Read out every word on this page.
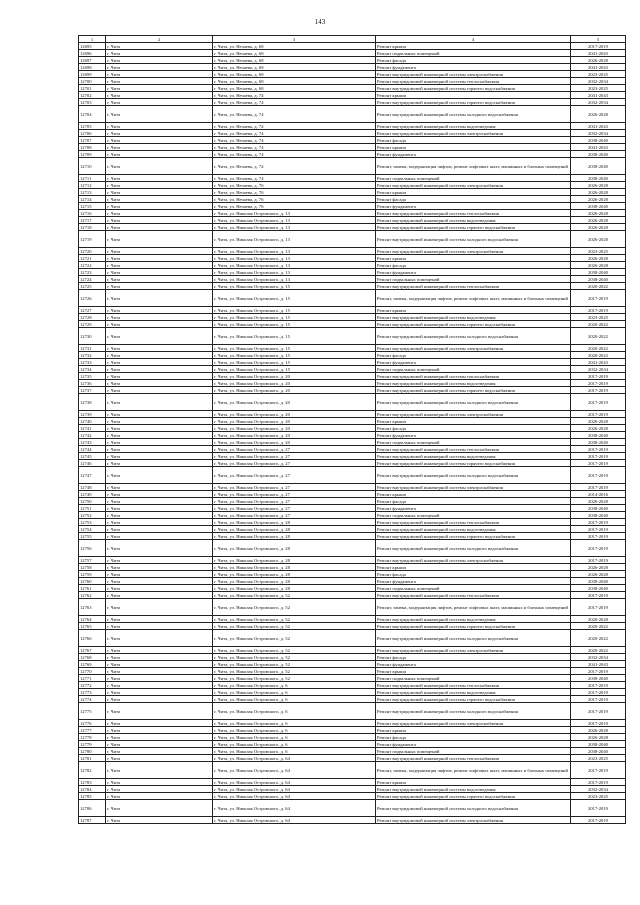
143
1	2	3	4	5
12695	г. Чита	г. Чита, ул. Нечаева, д. 68	Ремонт крыши	2017-2019
12696	г. Чита	г. Чита, ул. Нечаева, д. 68	Ремонт подвальных помещений	2041-2043
12697	г. Чита	г. Чита, ул. Нечаева, д. 68	Ремонт фасада	2026-2028
12698	г. Чита	г. Чита, ул. Нечаева, д. 68	Ремонт фундамента	2041-2043
12699	г. Чита	г. Чита, ул. Нечаева, д. 68	Ремонт внутридомовой инженерной системы электроснабжения	2023-2025
12700	г. Чита	г. Чита, ул. Нечаева, д. 68	Ремонт внутридомовой инженерной системы теплоснабжения	2032-2034
12701	г. Чита	г. Чита, ул. Нечаева, д. 68	Ремонт внутридомовой инженерной системы горячего водоснабжения	2023-2025
12702	г. Чита	г. Чита, ул. Нечаева, д. 74	Ремонт крыши	2041-2043
12703	г. Чита	г. Чита, ул. Нечаева, д. 74	Ремонт внутридомовой инженерной системы горячего водоснабжения	2032-2034
12704	г. Чита	г. Чита, ул. Нечаева, д. 74	Ремонт внутридомовой инженерной системы холодного водоснабжения	2026-2028
12705	г. Чита	г. Чита, ул. Нечаева, д. 74	Ремонт внутридомовой инженерной системы водоотведения	2041-2043
12706	г. Чита	г. Чита, ул. Нечаева, д. 74	Ремонт внутридомовой инженерной системы электроснабжения	2032-2034
12707	г. Чита	г. Чита, ул. Нечаева, д. 74	Ремонт фасада	2038-2040
12708	г. Чита	г. Чита, ул. Нечаева, д. 74	Ремонт крыши	2041-2043
12709	г. Чита	г. Чита, ул. Нечаева, д. 74	Ремонт фундамента	2038-2040
12710	г. Чита	г. Чита, ул. Нечаева, д. 74	Ремонт, замена, модернизация лифтов, ремонт лифтовых шахт, машинных и блочных помещений	2038-2040
12711	г. Чита	г. Чита, ул. Нечаева, д. 74	Ремонт подвальных помещений	2038-2040
12712	г. Чита	г. Чита, ул. Нечаева, д. 76	Ремонт внутридомовой инженерной системы электроснабжения	2026-2028
12713	г. Чита	г. Чита, ул. Нечаева, д. 76	Ремонт крыши	2026-2028
12714	г. Чита	г. Чита, ул. Нечаева, д. 76	Ремонт фасада	2026-2028
12715	г. Чита	г. Чита, ул. Нечаева, д. 76	Ремонт фундамента	2038-2040
12716	г. Чита	г. Чита, ул. Николая Островского, д. 13	Ремонт внутридомовой инженерной системы теплоснабжения	2026-2028
12717	г. Чита	г. Чита, ул. Николая Островского, д. 13	Ремонт внутридомовой инженерной системы водоотведения	2026-2028
12718	г. Чита	г. Чита, ул. Николая Островского, д. 13	Ремонт внутридомовой инженерной системы горячего водоснабжения	2026-2028
12719	г. Чита	г. Чита, ул. Николая Островского, д. 13	Ремонт внутридомовой инженерной системы холодного водоснабжения	2026-2028
12720	г. Чита	г. Чита, ул. Николая Островского, д. 13	Ремонт внутридомовой инженерной системы электроснабжения	2023-2025
12721	г. Чита	г. Чита, ул. Николая Островского, д. 13	Ремонт крыши	2026-2028
12722	г. Чита	г. Чита, ул. Николая Островского, д. 13	Ремонт фасада	2026-2028
12723	г. Чита	г. Чита, ул. Николая Островского, д. 13	Ремонт фундамента	2038-2040
12724	г. Чита	г. Чита, ул. Николая Островского, д. 13	Ремонт подвальных помещений	2038-2040
12725	г. Чита	г. Чита, ул. Николая Островского, д. 15	Ремонт внутридомовой инженерной системы теплоснабжения	2020-2022
12726	г. Чита	г. Чита, ул. Николая Островского, д. 15	Ремонт, замена, модернизация лифтов, ремонт лифтовых шахт, машинных и блочных помещений	2017-2019
12727	г. Чита	г. Чита, ул. Николая Островского, д. 15	Ремонт крыши	2017-2019
12728	г. Чита	г. Чита, ул. Николая Островского, д. 15	Ремонт внутридомовой инженерной системы водоотведения	2023-2025
12729	г. Чита	г. Чита, ул. Николая Островского, д. 15	Ремонт внутридомовой инженерной системы горячего водоснабжения	2020-2022
12730	г. Чита	г. Чита, ул. Николая Островского, д. 15	Ремонт внутридомовой инженерной системы холодного водоснабжения	2020-2022
12731	г. Чита	г. Чита, ул. Николая Островского, д. 15	Ремонт внутридомовой инженерной системы электроснабжения	2020-2022
12732	г. Чита	г. Чита, ул. Николая Островского, д. 15	Ремонт фасада	2020-2022
12733	г. Чита	г. Чита, ул. Николая Островского, д. 15	Ремонт фундамента	2041-2043
12734	г. Чита	г. Чита, ул. Николая Островского, д. 15	Ремонт подвальных помещений	2032-2034
12735	г. Чита	г. Чита, ул. Николая Островского, д. 20	Ремонт внутридомовой инженерной системы теплоснабжения	2017-2019
12736	г. Чита	г. Чита, ул. Николая Островского, д. 20	Ремонт внутридомовой инженерной системы водоотведения	2017-2019
12737	г. Чита	г. Чита, ул. Николая Островского, д. 20	Ремонт внутридомовой инженерной системы горячего водоснабжения	2017-2019
12738	г. Чита	г. Чита, ул. Николая Островского, д. 20	Ремонт внутридомовой инженерной системы холодного водоснабжения	2017-2019
12739	г. Чита	г. Чита, ул. Николая Островского, д. 20	Ремонт внутридомовой инженерной системы электроснабжения	2017-2019
12740	г. Чита	г. Чита, ул. Николая Островского, д. 20	Ремонт крыши	2026-2028
12741	г. Чита	г. Чита, ул. Николая Островского, д. 20	Ремонт фасада	2026-2028
12742	г. Чита	г. Чита, ул. Николая Островского, д. 20	Ремонт фундамента	2038-2040
12743	г. Чита	г. Чита, ул. Николая Островского, д. 20	Ремонт подвальных помещений	2038-2040
12744	г. Чита	г. Чита, ул. Николая Островского, д. 27	Ремонт внутридомовой инженерной системы теплоснабжения	2017-2019
12745	г. Чита	г. Чита, ул. Николая Островского, д. 27	Ремонт внутридомовой инженерной системы водоотведения	2017-2019
12746	г. Чита	г. Чита, ул. Николая Островского, д. 27	Ремонт внутридомовой инженерной системы горячего водоснабжения	2017-2019
12747	г. Чита	г. Чита, ул. Николая Островского, д. 27	Ремонт внутридомовой инженерной системы холодного водоснабжения	2017-2019
12748	г. Чита	г. Чита, ул. Николая Островского, д. 27	Ремонт внутридомовой инженерной системы электроснабжения	2017-2019
12749	г. Чита	г. Чита, ул. Николая Островского, д. 27	Ремонт крыши	2014-2016
12750	г. Чита	г. Чита, ул. Николая Островского, д. 27	Ремонт фасада	2026-2028
12751	г. Чита	г. Чита, ул. Николая Островского, д. 27	Ремонт фундамента	2038-2040
12752	г. Чита	г. Чита, ул. Николая Островского, д. 27	Ремонт подвальных помещений	2038-2040
12753	г. Чита	г. Чита, ул. Николая Островского, д. 28	Ремонт внутридомовой инженерной системы теплоснабжения	2017-2019
12754	г. Чита	г. Чита, ул. Николая Островского, д. 28	Ремонт внутридомовой инженерной системы водоотведения	2017-2019
12755	г. Чита	г. Чита, ул. Николая Островского, д. 28	Ремонт внутридомовой инженерной системы горячего водоснабжения	2017-2019
12756	г. Чита	г. Чита, ул. Николая Островского, д. 28	Ремонт внутридомовой инженерной системы холодного водоснабжения	2017-2019
12757	г. Чита	г. Чита, ул. Николая Островского, д. 28	Ремонт внутридомовой инженерной системы электроснабжения	2017-2019
12758	г. Чита	г. Чита, ул. Николая Островского, д. 28	Ремонт крыши	2026-2028
12759	г. Чита	г. Чита, ул. Николая Островского, д. 28	Ремонт фасада	2026-2028
12760	г. Чита	г. Чита, ул. Николая Островского, д. 28	Ремонт фундамента	2038-2040
12761	г. Чита	г. Чита, ул. Николая Островского, д. 28	Ремонт подвальных помещений	2038-2040
12762	г. Чита	г. Чита, ул. Николая Островского, д. 52	Ремонт внутридомовой инженерной системы теплоснабжения	2017-2019
12763	г. Чита	г. Чита, ул. Николая Островского, д. 52	Ремонт, замена, модернизация лифтов, ремонт лифтовых шахт, машинных и блочных помещений	2017-2019
12764	г. Чита	г. Чита, ул. Николая Островского, д. 52	Ремонт внутридомовой инженерной системы водоотведения	2020-2028
12765	г. Чита	г. Чита, ул. Николая Островского, д. 52	Ремонт внутридомовой инженерной системы горячего водоснабжения	2020-2022
12766	г. Чита	г. Чита, ул. Николая Островского, д. 52	Ремонт внутридомовой инженерной системы холодного водоснабжения	2020-2022
12767	г. Чита	г. Чита, ул. Николая Островского, д. 52	Ремонт внутридомовой инженерной системы электроснабжения	2020-2022
12768	г. Чита	г. Чита, ул. Николая Островского, д. 52	Ремонт фасада	2032-2034
12769	г. Чита	г. Чита, ул. Николая Островского, д. 52	Ремонт фундамента	2041-2043
12770	г. Чита	г. Чита, ул. Николая Островского, д. 52	Ремонт крыши	2017-2019
12771	г. Чита	г. Чита, ул. Николая Островского, д. 52	Ремонт подвальных помещений	2038-2040
12772	г. Чита	г. Чита, ул. Николая Островского, д. 6	Ремонт внутридомовой инженерной системы теплоснабжения	2017-2019
12773	г. Чита	г. Чита, ул. Николая Островского, д. 6	Ремонт внутридомовой инженерной системы водоотведения	2017-2019
12774	г. Чита	г. Чита, ул. Николая Островского, д. 6	Ремонт внутридомовой инженерной системы горячего водоснабжения	2017-2019
12775	г. Чита	г. Чита, ул. Николая Островского, д. 6	Ремонт внутридомовой инженерной системы холодного водоснабжения	2017-2019
12776	г. Чита	г. Чита, ул. Николая Островского, д. 6	Ремонт внутридомовой инженерной системы электроснабжения	2017-2019
12777	г. Чита	г. Чита, ул. Николая Островского, д. 6	Ремонт крыши	2026-2028
12778	г. Чита	г. Чита, ул. Николая Островского, д. 6	Ремонт фасада	2026-2028
12779	г. Чита	г. Чита, ул. Николая Островского, д. 6	Ремонт фундамента	2038-2040
12780	г. Чита	г. Чита, ул. Николая Островского, д. 6	Ремонт подвальных помещений	2038-2040
12781	г. Чита	г. Чита, ул. Николая Островского, д. 64	Ремонт внутридомовой инженерной системы теплоснабжения	2023-2025
12782	г. Чита	г. Чита, ул. Николая Островского, д. 64	Ремонт, замена, модернизация лифтов, ремонт лифтовых шахт, машинных и блочных помещений	2017-2019
12783	г. Чита	г. Чита, ул. Николая Островского, д. 64	Ремонт крыши	2017-2019
12784	г. Чита	г. Чита, ул. Николая Островского, д. 64	Ремонт внутридомовой инженерной системы водоотведения	2032-2034
12785	г. Чита	г. Чита, ул. Николая Островского, д. 64	Ремонт внутридомовой инженерной системы горячего водоснабжения	2023-2025
12786	г. Чита	г. Чита, ул. Николая Островского, д. 64	Ремонт внутридомовой инженерной системы холодного водоснабжения	2017-2019
12787	г. Чита	г. Чита, ул. Николая Островского, д. 64	Ремонт внутридомовой инженерной системы электроснабжения	2017-2019
